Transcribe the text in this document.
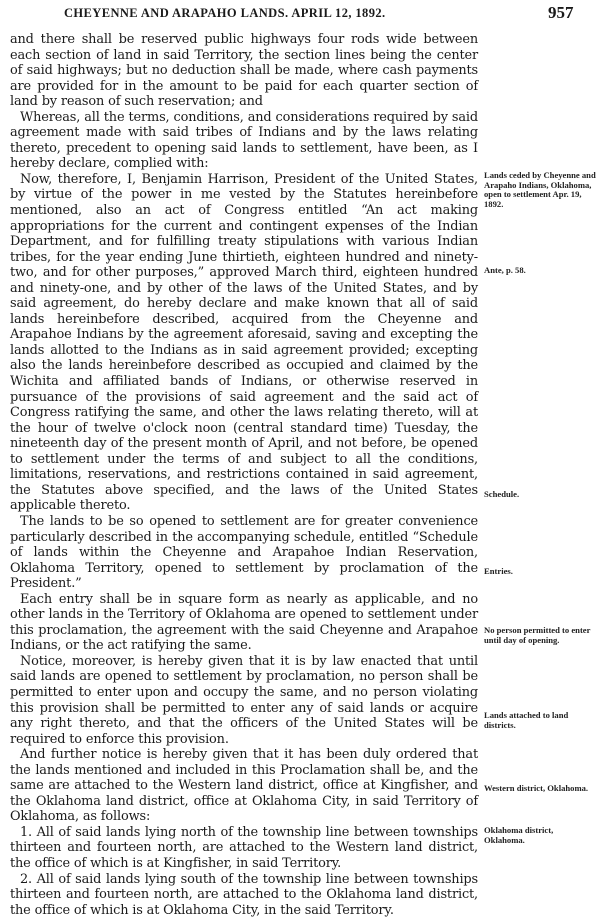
CHEYENNE AND ARAPAHO LANDS. APRIL 12, 1892.	957

and there shall be reserved public highways four rods wide between each section of land in said Territory, the section lines being the center of said highways; but no deduction shall be made, where cash payments are provided for in the amount to be paid for each quarter section of land by reason of such reservation; and

Whereas, all the terms, conditions, and considerations required by said agreement made with said tribes of Indians and by the laws relating thereto, precedent to opening said lands to settlement, have been, as I hereby declare, complied with:

Now, therefore, I, Benjamin Harrison, President of the United States, by virtue of the power in me vested by the Statutes hereinbefore mentioned, also an act of Congress entitled “An act making appropriations for the current and contingent expenses of the Indian Department, and for fulfilling treaty stipulations with various Indian tribes, for the year ending June thirtieth, eighteen hundred and ninety-two, and for other purposes,” approved March third, eighteen hundred and ninety-one, and by other of the laws of the United States, and by said agreement, do hereby declare and make known that all of said lands hereinbefore described, acquired from the Cheyenne and Arapahoe Indians by the agreement aforesaid, saving and excepting the lands allotted to the Indians as in said agreement provided; excepting also the lands hereinbefore described as occupied and claimed by the Wichita and affiliated bands of Indians, or otherwise reserved in pursuance of the provisions of said agreement and the said act of Congress ratifying the same, and other the laws relating thereto, will at the hour of twelve o'clock noon (central standard time) Tuesday, the nineteenth day of the present month of April, and not before, be opened to settlement under the terms of and subject to all the conditions, limitations, reservations, and restrictions contained in said agreement, the Statutes above specified, and the laws of the United States applicable thereto.

The lands to be so opened to settlement are for greater convenience particularly described in the accompanying schedule, entitled “Schedule of lands within the Cheyenne and Arapahoe Indian Reservation, Oklahoma Territory, opened to settlement by proclamation of the President.”

Each entry shall be in square form as nearly as applicable, and no other lands in the Territory of Oklahoma are opened to settlement under this proclamation, the agreement with the said Cheyenne and Arapahoe Indians, or the act ratifying the same.

Notice, moreover, is hereby given that it is by law enacted that until said lands are opened to settlement by proclamation, no person shall be permitted to enter upon and occupy the same, and no person violating this provision shall be permitted to enter any of said lands or acquire any right thereto, and that the officers of the United States will be required to enforce this provision.

And further notice is hereby given that it has been duly ordered that the lands mentioned and included in this Proclamation shall be, and the same are attached to the Western land district, office at Kingfisher, and the Oklahoma land district, office at Oklahoma City, in said Territory of Oklahoma, as follows:

1. All of said lands lying north of the township line between townships thirteen and fourteen north, are attached to the Western land district, the office of which is at Kingfisher, in said Territory.

2. All of said lands lying south of the township line between townships thirteen and fourteen north, are attached to the Oklahoma land district, the office of which is at Oklahoma City, in the said Territory.

Lands ceded by Cheyenne and Arapaho Indians, Oklahoma, open to settlement Apr. 19, 1892.
Ante, p. 58.
Schedule.
Entries.
No person permitted to enter until day of opening.
Lands attached to land districts.
Western district, Oklahoma.
Oklahoma district, Oklahoma.
